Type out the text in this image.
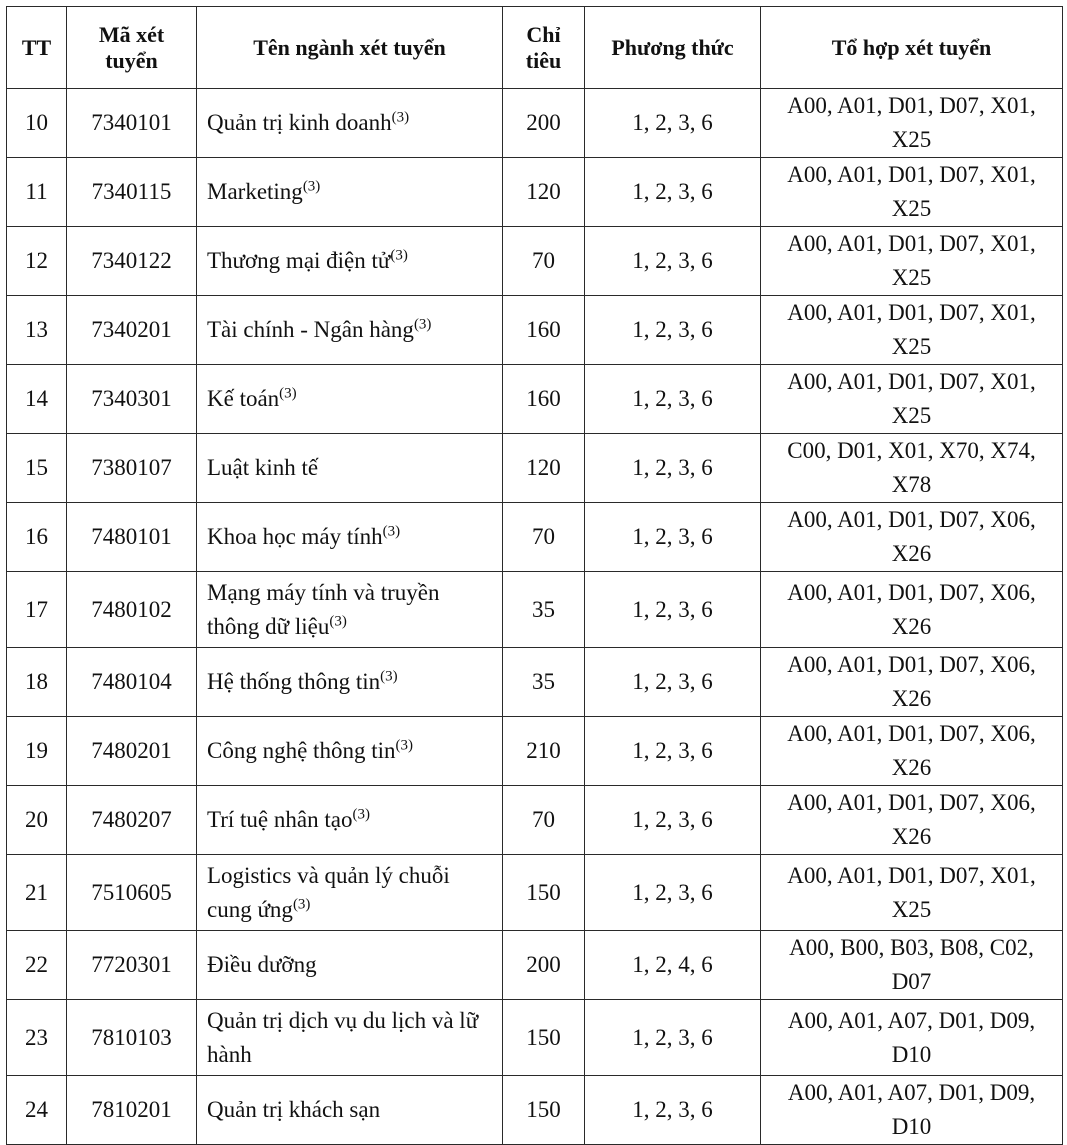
TT	Mã xét tuyển	Tên ngành xét tuyển	Chỉ tiêu	Phương thức	Tổ hợp xét tuyển
10	7340101	Quản trị kinh doanh$^{(3)}$	200	1, 2, 3, 6	A00, A01, D01, D07, X01, X25
11	7340115	Marketing$^{(3)}$	120	1, 2, 3, 6	A00, A01, D01, D07, X01, X25
12	7340122	Thương mại điện tử$^{(3)}$	70	1, 2, 3, 6	A00, A01, D01, D07, X01, X25
13	7340201	Tài chính - Ngân hàng$^{(3)}$	160	1, 2, 3, 6	A00, A01, D01, D07, X01, X25
14	7340301	Kế toán$^{(3)}$	160	1, 2, 3, 6	A00, A01, D01, D07, X01, X25
15	7380107	Luật kinh tế	120	1, 2, 3, 6	C00, D01, X01, X70, X74, X78
16	7480101	Khoa học máy tính$^{(3)}$	70	1, 2, 3, 6	A00, A01, D01, D07, X06, X26
17	7480102	Mạng máy tính và truyền thông dữ liệu$^{(3)}$	35	1, 2, 3, 6	A00, A01, D01, D07, X06, X26
18	7480104	Hệ thống thông tin$^{(3)}$	35	1, 2, 3, 6	A00, A01, D01, D07, X06, X26
19	7480201	Công nghệ thông tin$^{(3)}$	210	1, 2, 3, 6	A00, A01, D01, D07, X06, X26
20	7480207	Trí tuệ nhân tạo$^{(3)}$	70	1, 2, 3, 6	A00, A01, D01, D07, X06, X26
21	7510605	Logistics và quản lý chuỗi cung ứng$^{(3)}$	150	1, 2, 3, 6	A00, A01, D01, D07, X01, X25
22	7720301	Điều dưỡng	200	1, 2, 4, 6	A00, B00, B03, B08, C02, D07
23	7810103	Quản trị dịch vụ du lịch và lữ hành	150	1, 2, 3, 6	A00, A01, A07, D01, D09, D10
24	7810201	Quản trị khách sạn	150	1, 2, 3, 6	A00, A01, A07, D01, D09, D10
